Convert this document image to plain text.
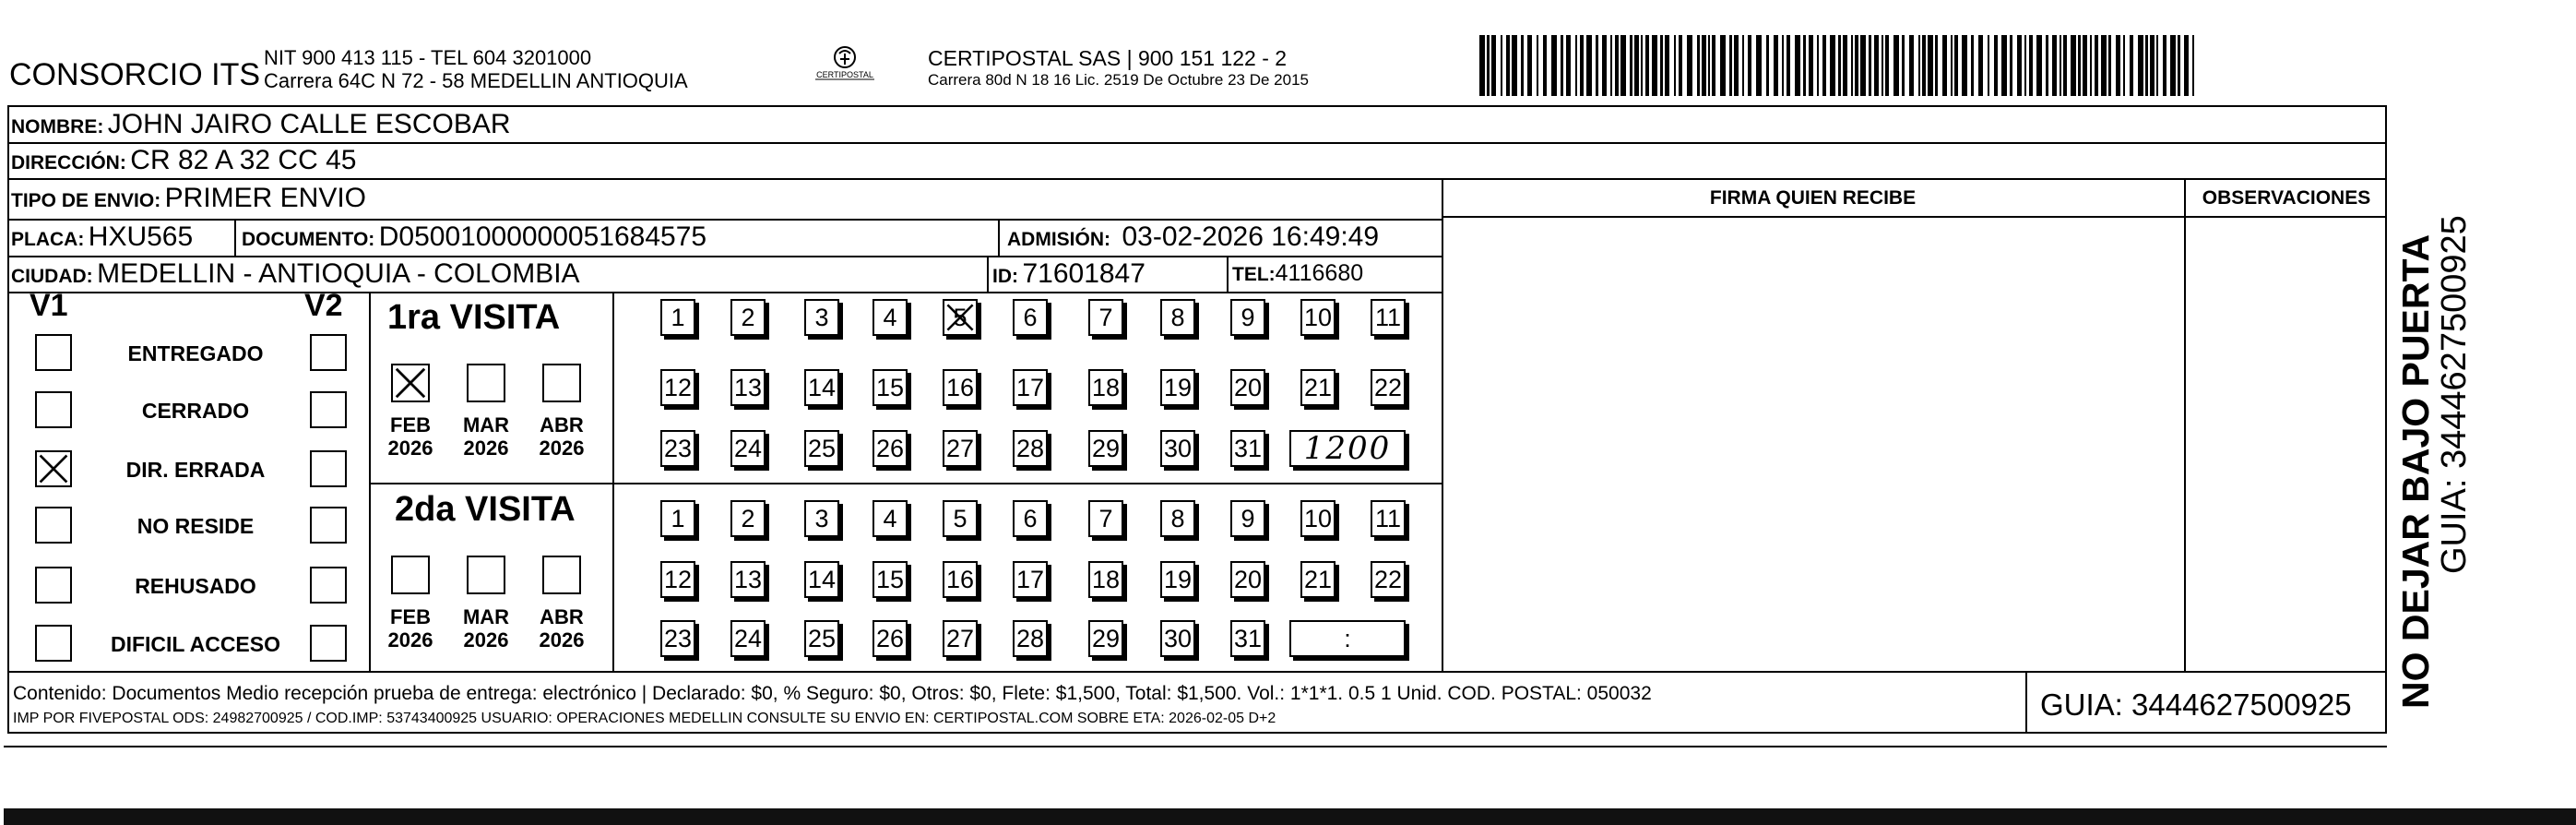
CONSORCIO ITS NIT 900 413 115 - TEL 604 3201000
Carrera 64C N 72 - 58 MEDELLIN ANTIOQUIA	CERTIPOSTAL
CERTIPOSTAL SAS | 900 151 122 - 2
Carrera 80d N 18 16 Lic. 2519 De Octubre 23 De 2015
NOMBRE: JOHN JAIRO CALLE ESCOBAR
DIRECCIÓN: CR 82 A 32 CC 45
TIPO DE ENVIO: PRIMER ENVIO
PLACA: HXU565	DOCUMENTO: D05001000000051684575	ADMISIÓN: 03-02-2026 16:49:49
CIUDAD: MEDELLIN - ANTIOQUIA - COLOMBIA	ID: 71601847	TEL:4116680
FIRMA QUIEN RECIBE	OBSERVACIONES
V1	V2
ENTREGADO
CERRADO
DIR. ERRADA
NO RESIDE
REHUSADO
DIFICIL ACCESO
1ra VISITA
2da VISITA
FEB
2026
MAR
2026
ABR
2026
FEB
2026
MAR
2026
ABR
2026
1	2	3	4	5	6	7	8	9	10 11
12 13 14 15 16 17 18 19 20 21 22
23 24 25 26 27 28 29 30 31	1200
1	2	3	4	5	6	7	8	9	10 11
12 13 14 15 16 17 18 19 20 21 22
23 24 25 26 27 28 29 30 31	:
Contenido: Documentos Medio recepción prueba de entrega: electrónico | Declarado: $0, % Seguro: $0, Otros: $0, Flete: $1,500, Total: $1,500. Vol.: 1*1*1. 0.5 1 Unid. COD. POSTAL: 050032
IMP POR FIVEPOSTAL ODS: 24982700925 / COD.IMP: 53743400925 USUARIO: OPERACIONES MEDELLIN CONSULTE SU ENVIO EN: CERTIPOSTAL.COM SOBRE ETA: 2026-02-05 D+2	GUIA: 3444627500925 NO DEJAR BAJO PUERTA
GUIA: 3444627500925
